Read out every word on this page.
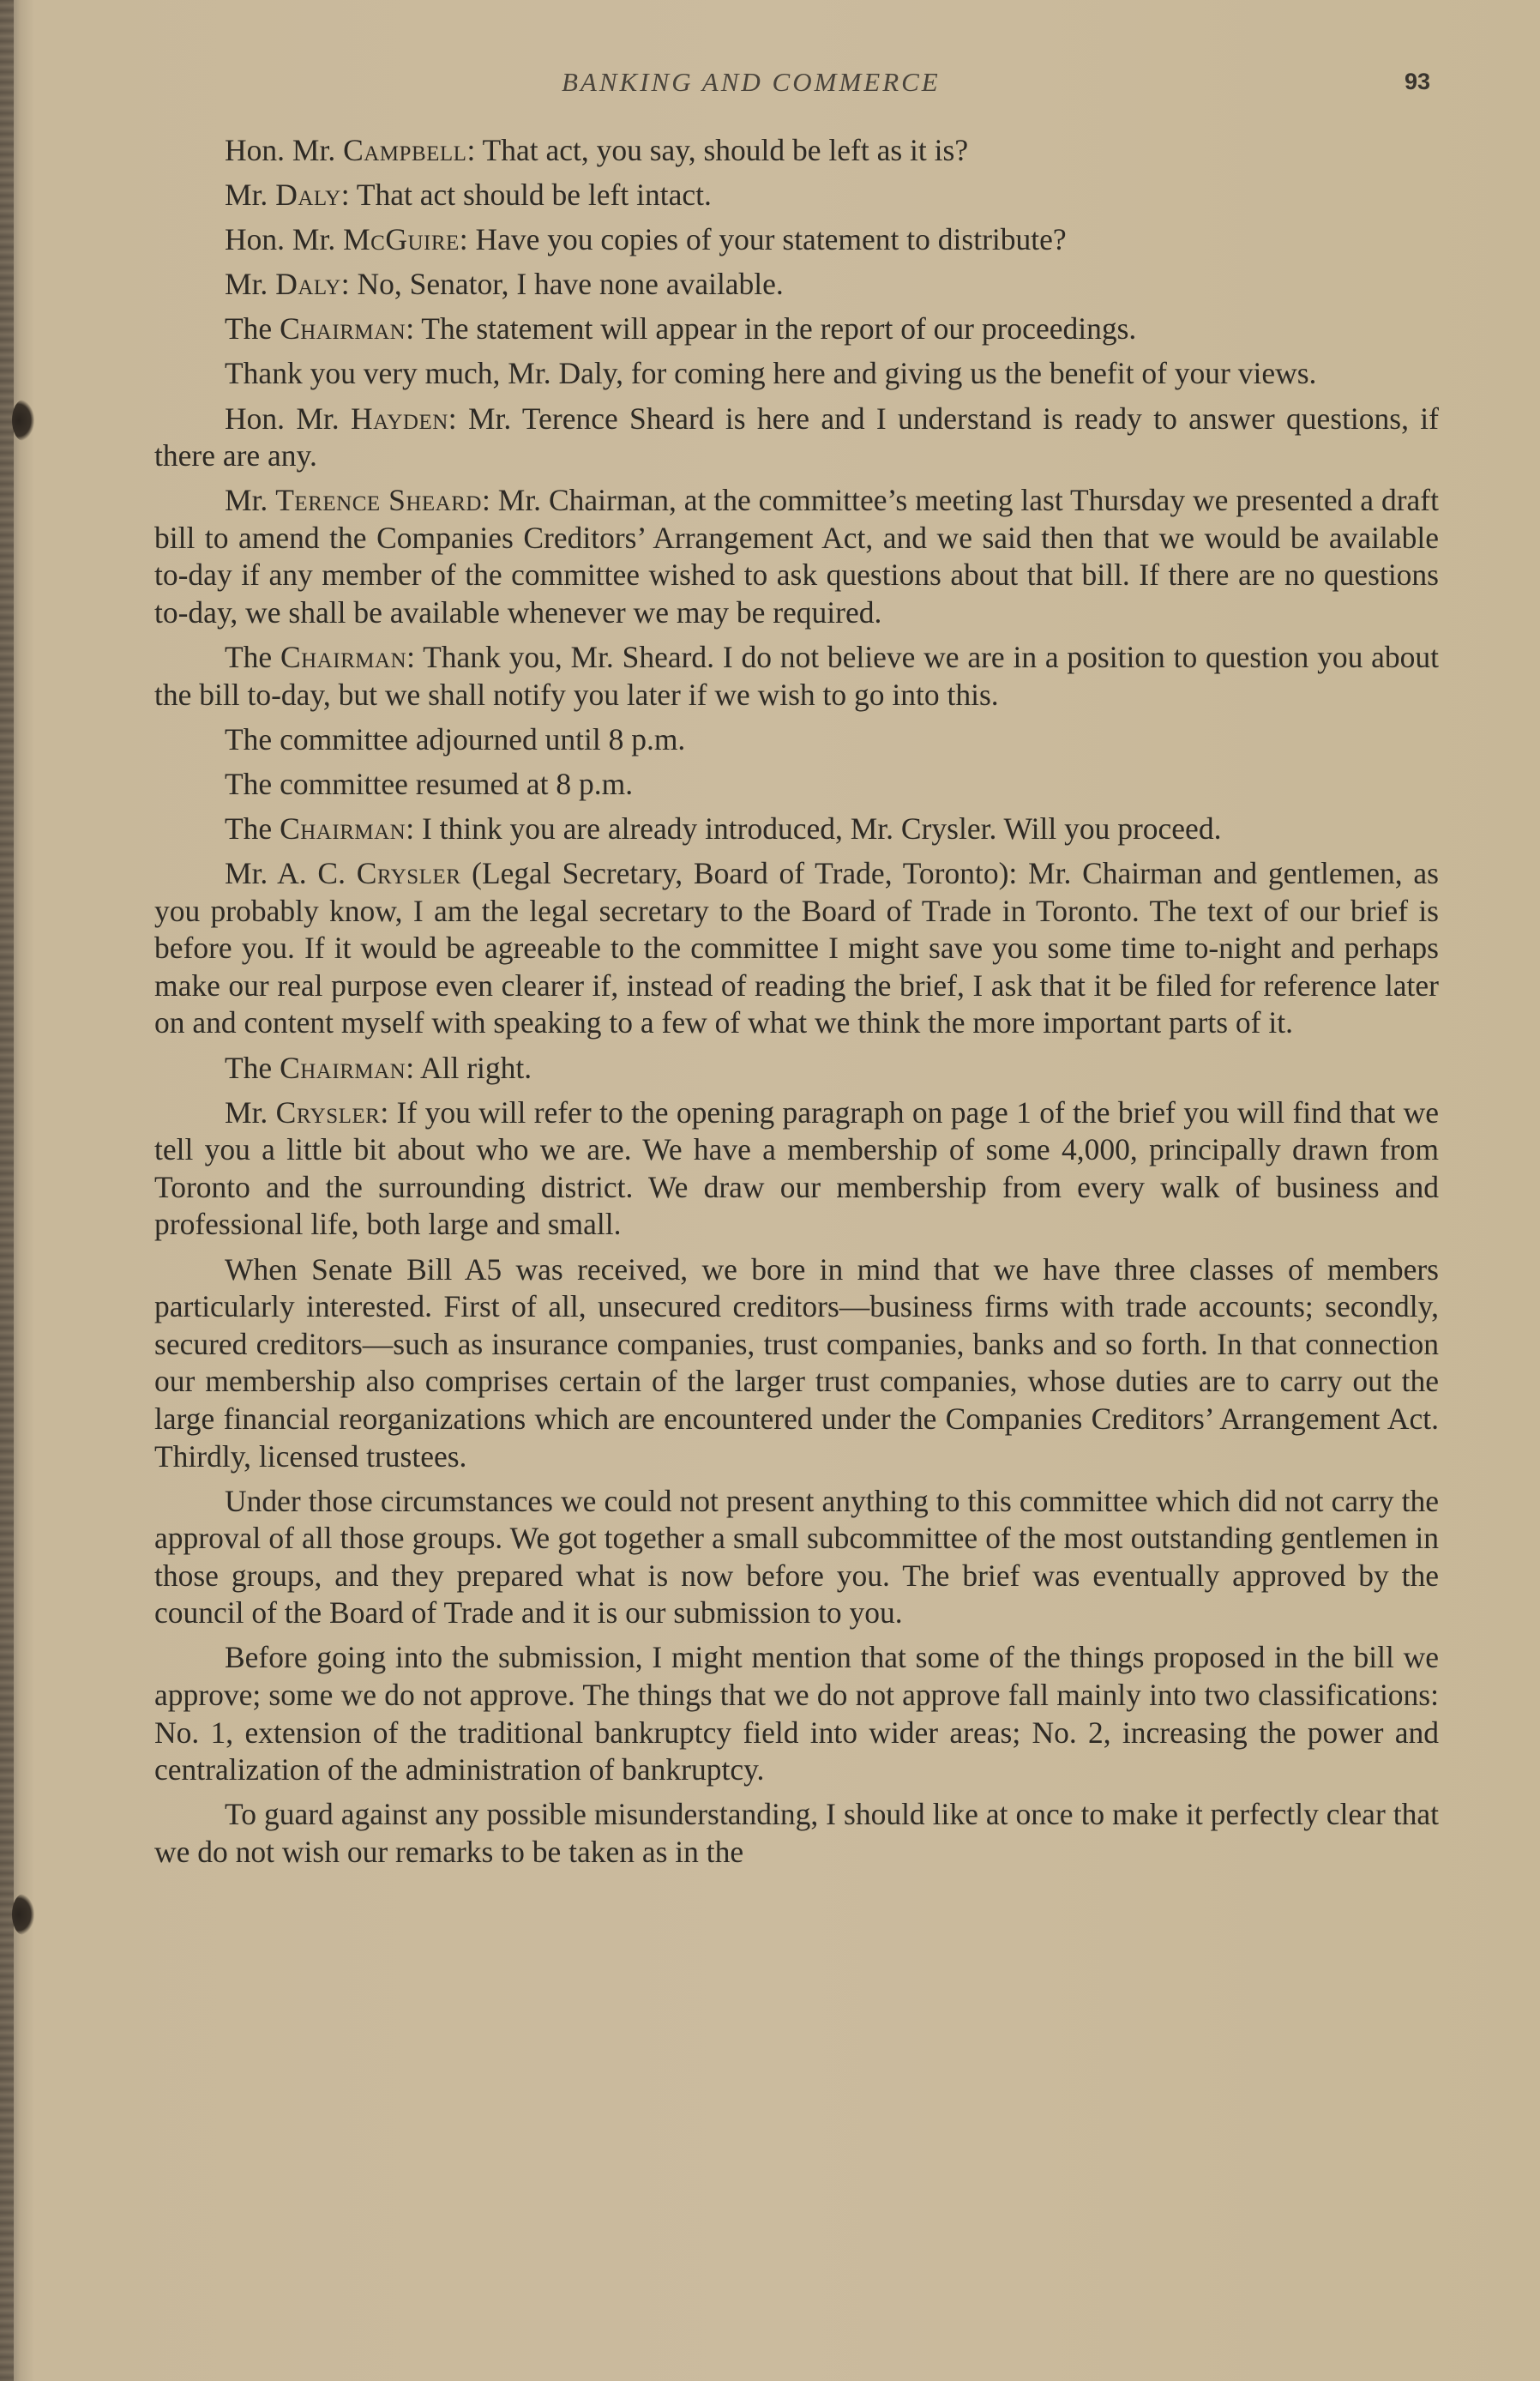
BANKING AND COMMERCE	93

Hon. Mr. Campbell: That act, you say, should be left as it is?

Mr. Daly: That act should be left intact.

Hon. Mr. McGuire: Have you copies of your statement to distribute?

Mr. Daly: No, Senator, I have none available.

The Chairman: The statement will appear in the report of our proceedings.

Thank you very much, Mr. Daly, for coming here and giving us the benefit of your views.

Hon. Mr. Hayden: Mr. Terence Sheard is here and I understand is ready to answer questions, if there are any.

Mr. Terence Sheard: Mr. Chairman, at the committee’s meeting last Thursday we presented a draft bill to amend the Companies Creditors’ Arrangement Act, and we said then that we would be available to-day if any member of the committee wished to ask questions about that bill. If there are no questions to-day, we shall be available whenever we may be required.

The Chairman: Thank you, Mr. Sheard. I do not believe we are in a position to question you about the bill to-day, but we shall notify you later if we wish to go into this.

The committee adjourned until 8 p.m.

The committee resumed at 8 p.m.

The Chairman: I think you are already introduced, Mr. Crysler. Will you proceed.

Mr. A. C. Crysler (Legal Secretary, Board of Trade, Toronto): Mr. Chairman and gentlemen, as you probably know, I am the legal secretary to the Board of Trade in Toronto. The text of our brief is before you. If it would be agreeable to the committee I might save you some time to-night and perhaps make our real purpose even clearer if, instead of reading the brief, I ask that it be filed for reference later on and content myself with speaking to a few of what we think the more important parts of it.

The Chairman: All right.

Mr. Crysler: If you will refer to the opening paragraph on page 1 of the brief you will find that we tell you a little bit about who we are. We have a membership of some 4,000, principally drawn from Toronto and the surrounding district. We draw our membership from every walk of business and professional life, both large and small.

When Senate Bill A5 was received, we bore in mind that we have three classes of members particularly interested. First of all, unsecured creditors—business firms with trade accounts; secondly, secured creditors—such as insurance companies, trust companies, banks and so forth. In that connection our membership also comprises certain of the larger trust companies, whose duties are to carry out the large financial reorganizations which are encountered under the Companies Creditors’ Arrangement Act. Thirdly, licensed trustees.

Under those circumstances we could not present anything to this committee which did not carry the approval of all those groups. We got together a small subcommittee of the most outstanding gentlemen in those groups, and they prepared what is now before you. The brief was eventually approved by the council of the Board of Trade and it is our submission to you.

Before going into the submission, I might mention that some of the things proposed in the bill we approve; some we do not approve. The things that we do not approve fall mainly into two classifications: No. 1, extension of the traditional bankruptcy field into wider areas; No. 2, increasing the power and centralization of the administration of bankruptcy.

To guard against any possible misunderstanding, I should like at once to make it perfectly clear that we do not wish our remarks to be taken as in the
